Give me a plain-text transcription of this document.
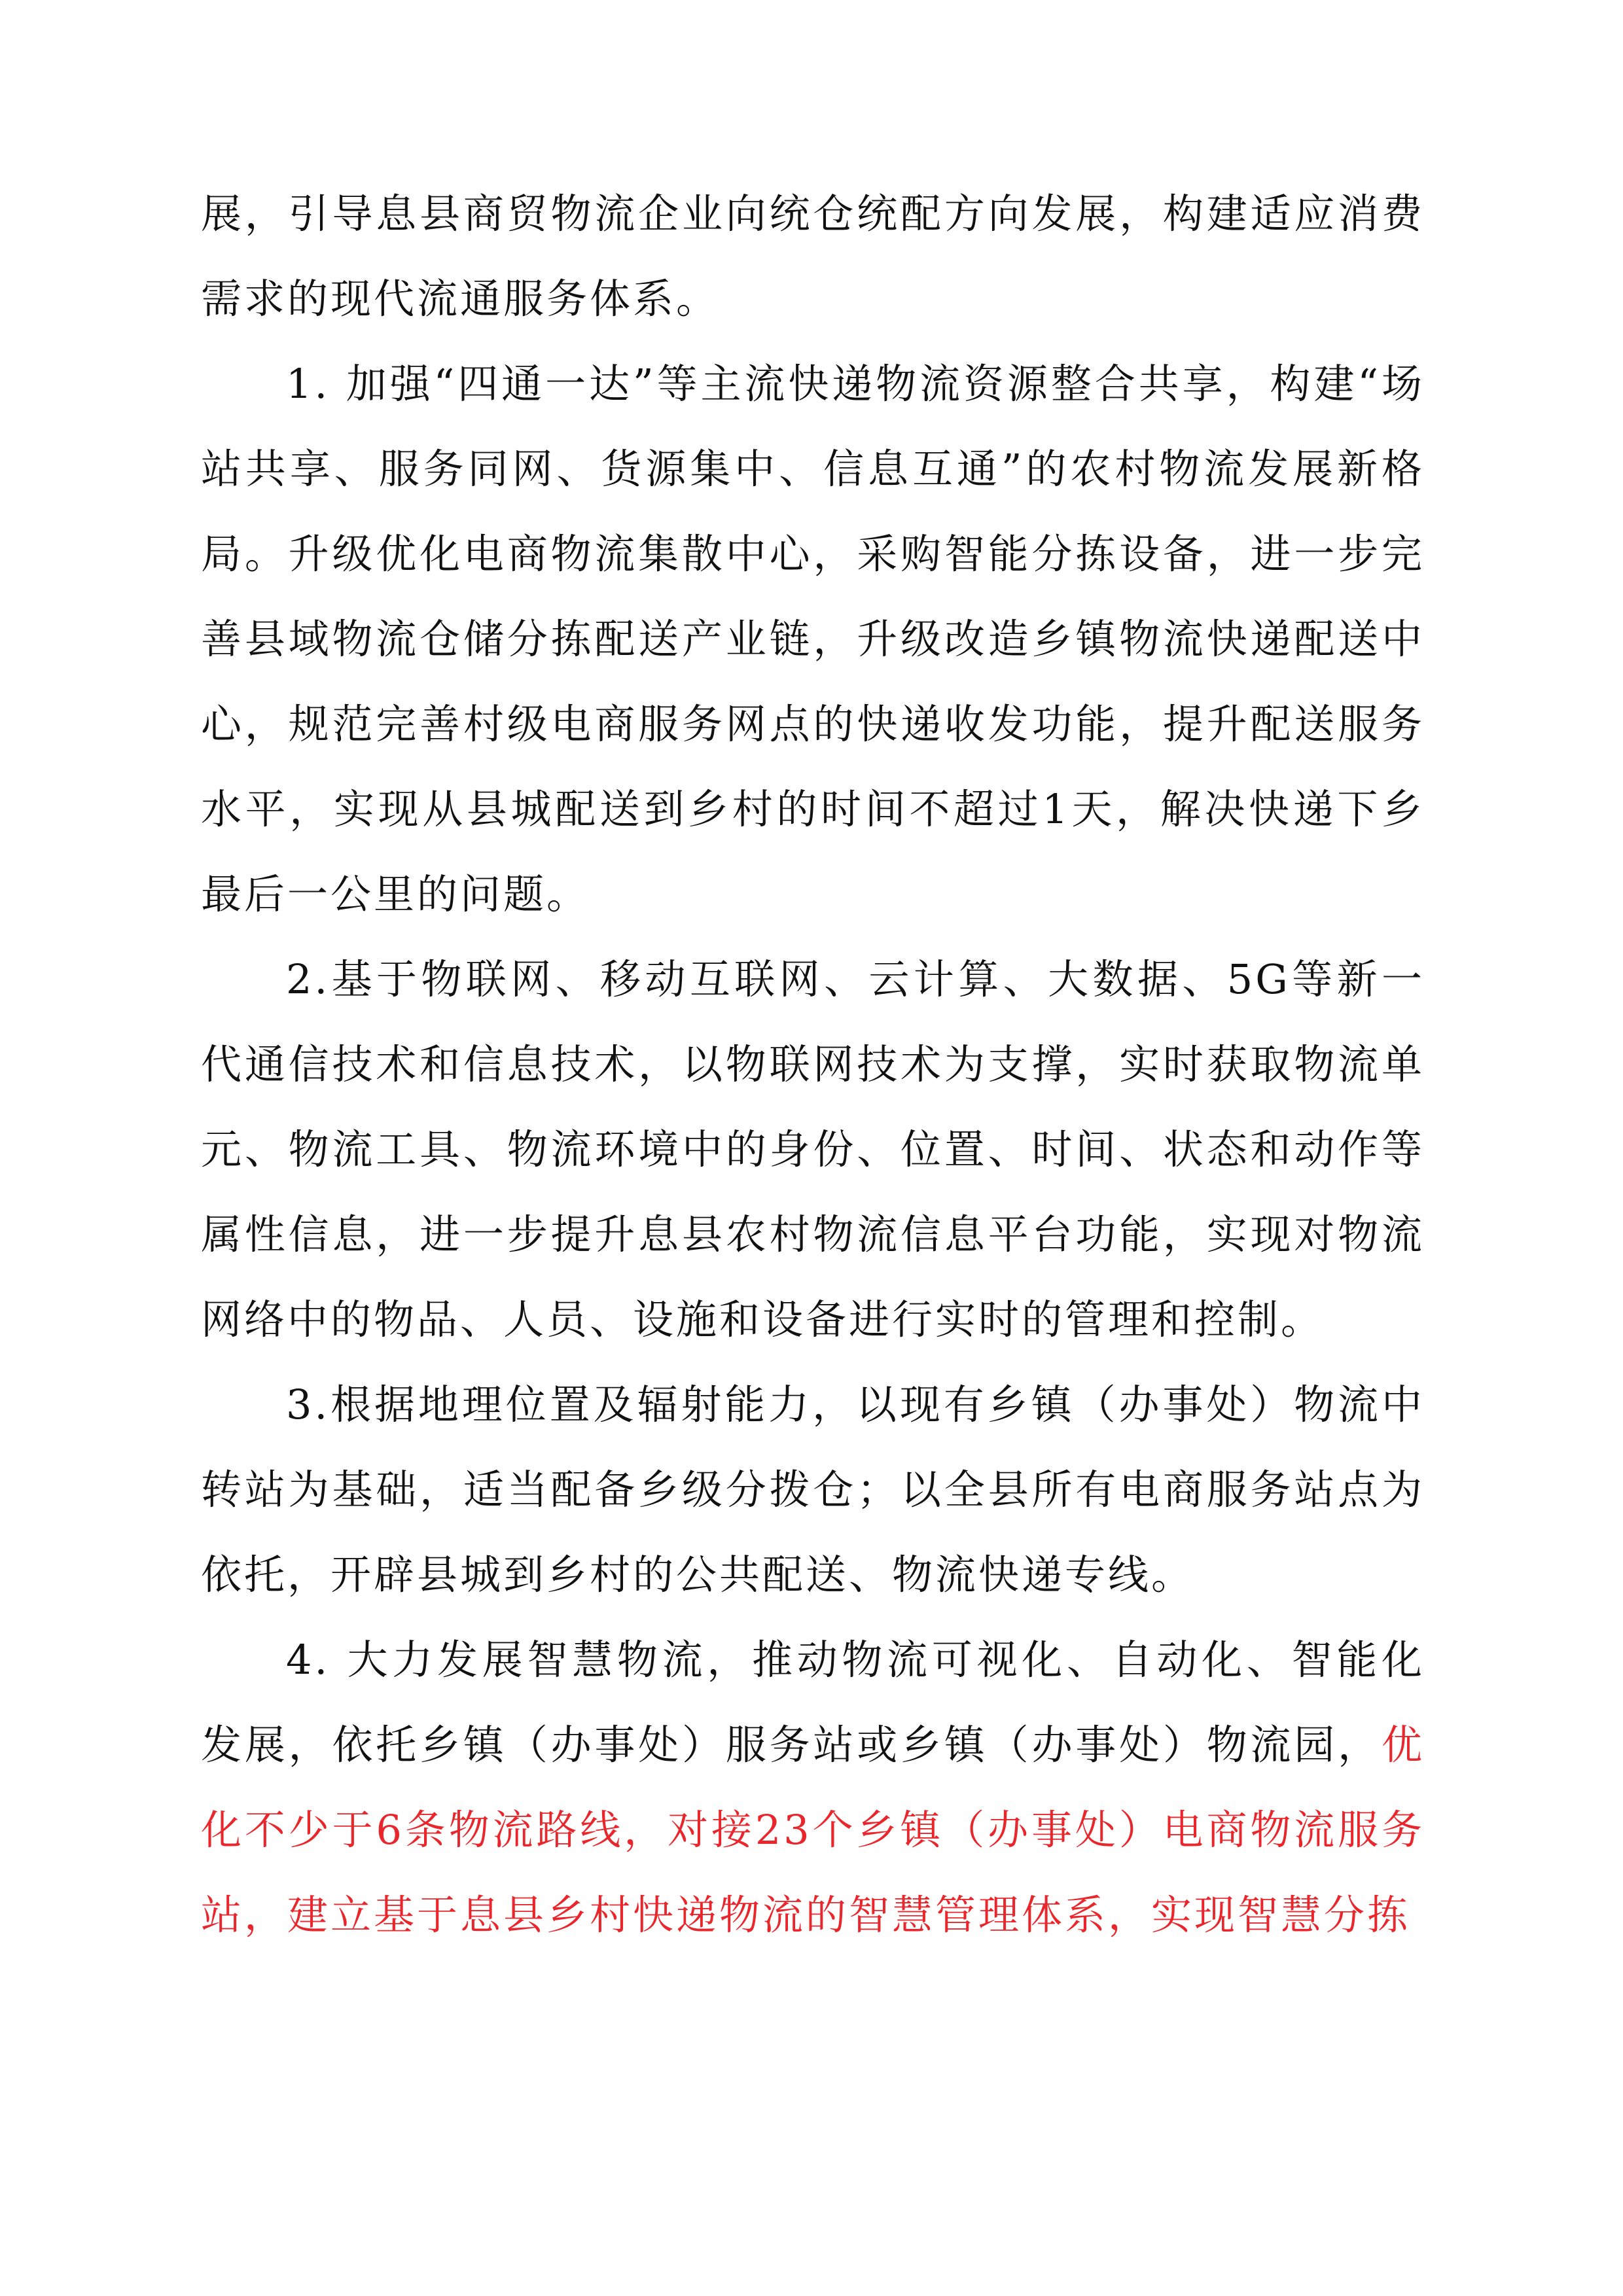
展，引导息县商贸物流企业向统仓统配方向发展，构建适应消费需求的现代流通服务体系。

1. 加强“四通一达”等主流快递物流资源整合共享，构建“场站共享、服务同网、货源集中、信息互通”的农村物流发展新格局。升级优化电商物流集散中心，采购智能分拣设备，进一步完善县域物流仓储分拣配送产业链，升级改造乡镇物流快递配送中心，规范完善村级电商服务网点的快递收发功能，提升配送服务水平，实现从县城配送到乡村的时间不超过1天，解决快递下乡最后一公里的问题。

2.基于物联网、移动互联网、云计算、大数据、5G等新一代通信技术和信息技术，以物联网技术为支撑，实时获取物流单元、物流工具、物流环境中的身份、位置、时间、状态和动作等属性信息，进一步提升息县农村物流信息平台功能，实现对物流网络中的物品、人员、设施和设备进行实时的管理和控制。

3.根据地理位置及辐射能力，以现有乡镇（办事处）物流中转站为基础，适当配备乡级分拨仓；以全县所有电商服务站点为依托，开辟县城到乡村的公共配送、物流快递专线。

4. 大力发展智慧物流，推动物流可视化、自动化、智能化发展，依托乡镇（办事处）服务站或乡镇（办事处）物流园，优化不少于6条物流路线，对接23个乡镇（办事处）电商物流服务站，建立基于息县乡村快递物流的智慧管理体系，实现智慧分拣
